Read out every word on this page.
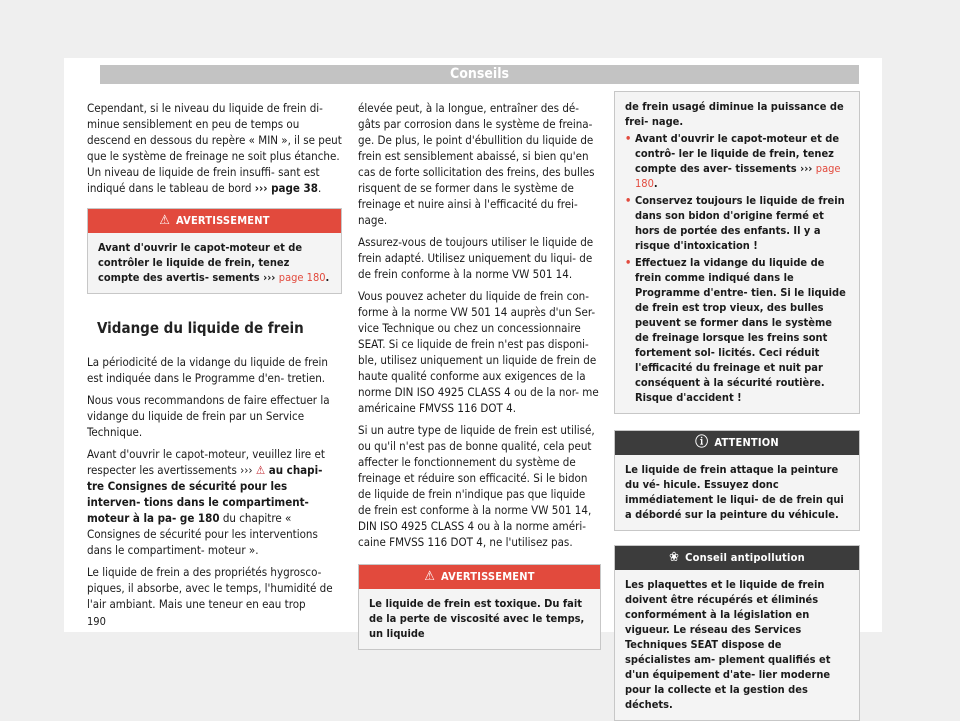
Conseils

Cependant, si le niveau du liquide de frein di- minue sensiblement en peu de temps ou descend en dessous du repère « MIN », il se peut que le système de freinage ne soit plus étanche. Un niveau de liquide de frein insuffi- sant est indiqué dans le tableau de bord ››› page 38.

⚠ AVERTISSEMENT

Avant d'ouvrir le capot-moteur et de contrôler le liquide de frein, tenez compte des avertis- sements ››› page 180.

Vidange du liquide de frein

La périodicité de la vidange du liquide de frein est indiquée dans le Programme d'en- tretien.

Nous vous recommandons de faire effectuer la vidange du liquide de frein par un Service Technique.

Avant d'ouvrir le capot-moteur, veuillez lire et respecter les avertissements ››› ⚠ au chapi- tre Consignes de sécurité pour les interven- tions dans le compartiment-moteur à la pa- ge 180 du chapitre « Consignes de sécurité pour les interventions dans le compartiment- moteur ».

Le liquide de frein a des propriétés hygrosco- piques, il absorbe, avec le temps, l'humidité de l'air ambiant. Mais une teneur en eau trop

élevée peut, à la longue, entraîner des dé- gâts par corrosion dans le système de freina- ge. De plus, le point d'ébullition du liquide de frein est sensiblement abaissé, si bien qu'en cas de forte sollicitation des freins, des bulles risquent de se former dans le système de freinage et nuire ainsi à l'efficacité du frei- nage.

Assurez-vous de toujours utiliser le liquide de frein adapté. Utilisez uniquement du liqui- de de frein conforme à la norme VW 501 14.

Vous pouvez acheter du liquide de frein con- forme à la norme VW 501 14 auprès d'un Ser- vice Technique ou chez un concessionnaire SEAT. Si ce liquide de frein n'est pas disponi- ble, utilisez uniquement un liquide de frein de haute qualité conforme aux exigences de la norme DIN ISO 4925 CLASS 4 ou de la nor- me américaine FMVSS 116 DOT 4.

Si un autre type de liquide de frein est utilisé, ou qu'il n'est pas de bonne qualité, cela peut affecter le fonctionnement du système de freinage et réduire son efficacité. Si le bidon de liquide de frein n'indique pas que liquide de frein est conforme à la norme VW 501 14, DIN ISO 4925 CLASS 4 ou à la norme améri- caine FMVSS 116 DOT 4, ne l'utilisez pas.

⚠ AVERTISSEMENT

Le liquide de frein est toxique. Du fait de la perte de viscosité avec le temps, un liquide

de frein usagé diminue la puissance de frei- nage.

• Avant d'ouvrir le capot-moteur et de contrô- ler le liquide de frein, tenez compte des aver- tissements ››› page 180.
• Conservez toujours le liquide de frein dans son bidon d'origine fermé et hors de portée des enfants. Il y a risque d'intoxication !
• Effectuez la vidange du liquide de frein comme indiqué dans le Programme d'entre- tien. Si le liquide de frein est trop vieux, des bulles peuvent se former dans le système de freinage lorsque les freins sont fortement sol- licités. Ceci réduit l'efficacité du freinage et nuit par conséquent à la sécurité routière. Risque d'accident !
ⓘ ATTENTION

Le liquide de frein attaque la peinture du vé- hicule. Essuyez donc immédiatement le liqui- de de frein qui a débordé sur la peinture du véhicule.

❀ Conseil antipollution

Les plaquettes et le liquide de frein doivent être récupérés et éliminés conformément à la législation en vigueur. Le réseau des Services Techniques SEAT dispose de spécialistes am- plement qualifiés et d'un équipement d'ate- lier moderne pour la collecte et la gestion des déchets.

190
